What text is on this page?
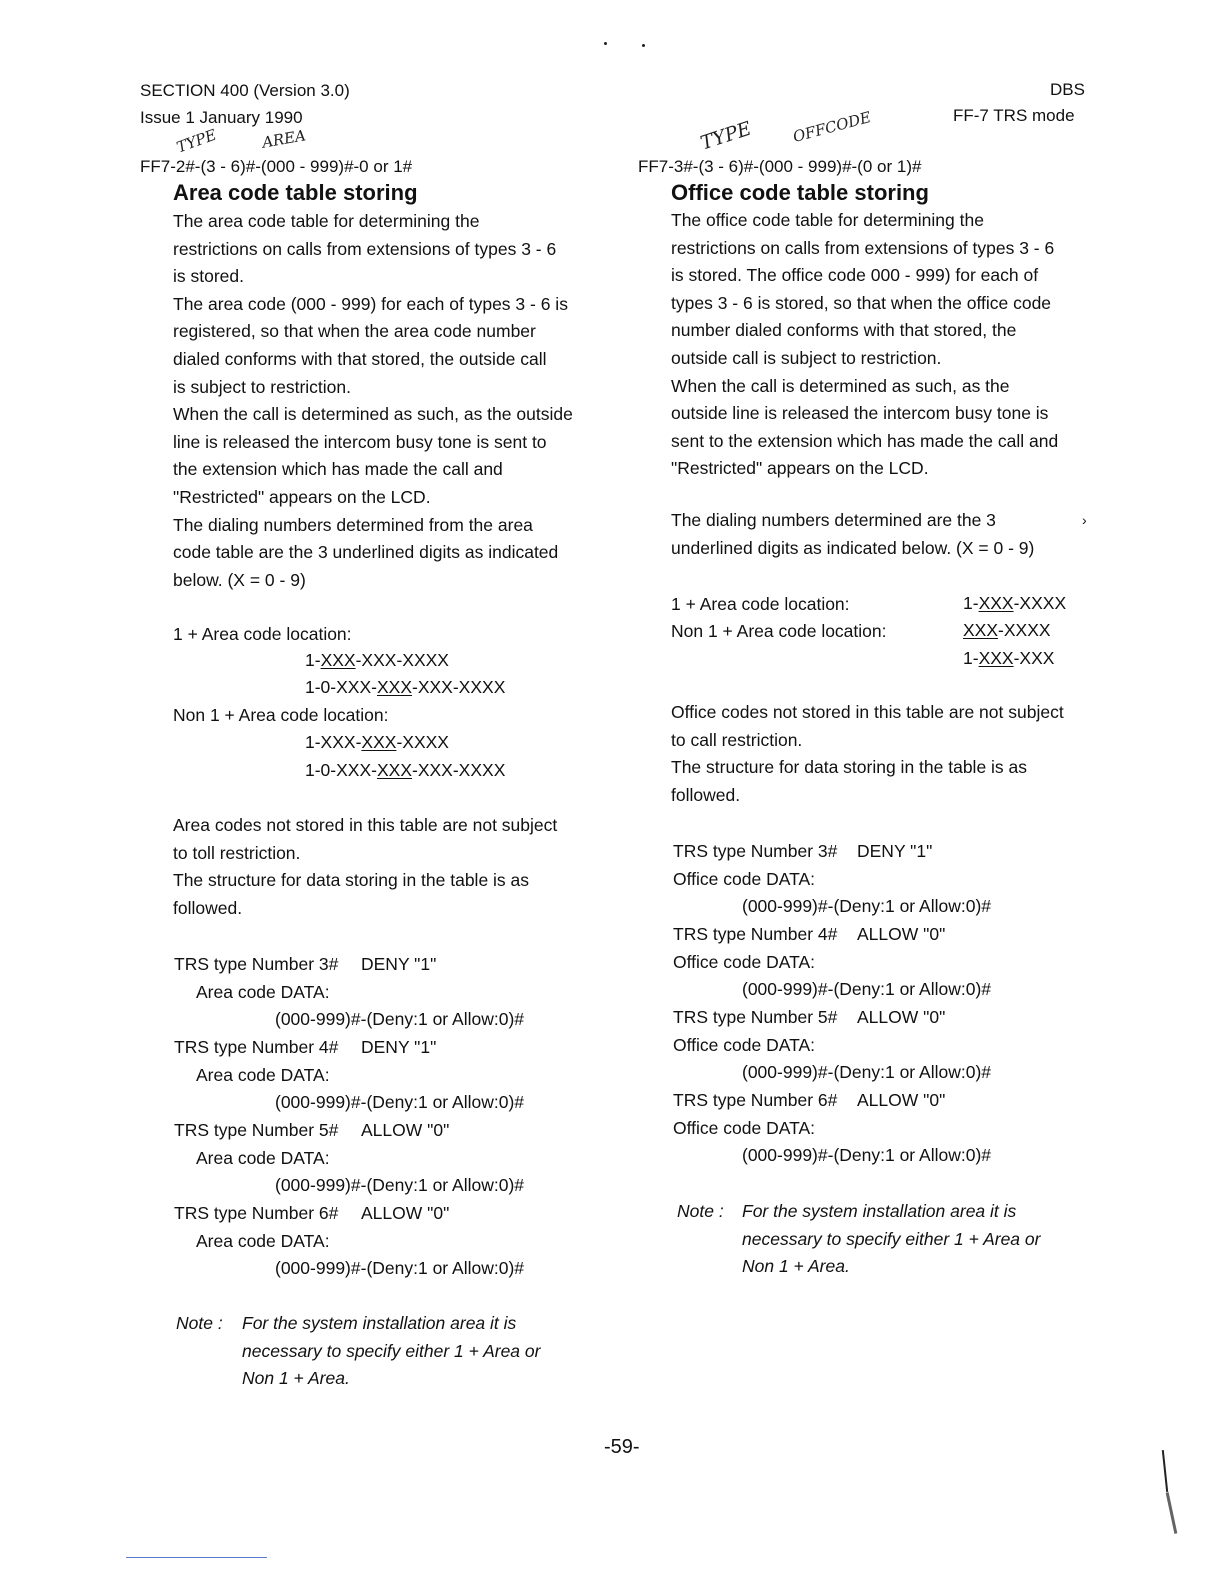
SECTION 400 (Version 3.0)
Issue 1 January 1990
DBS
FF-7 TRS mode
TYPE	AREA	TYPE OFFCODE
FF7-2#-(3 - 6)#-(000 - 999)#-0 or 1#
Area code table storing
The area code table for determining the
restrictions on calls from extensions of types 3 - 6
is stored.
The area code (000 - 999) for each of types 3 - 6 is
registered, so that when the area code number
dialed conforms with that stored, the outside call
is subject to restriction.
When the call is determined as such, as the outside
line is released the intercom busy tone is sent to
the extension which has made the call and
"Restricted" appears on the LCD.
The dialing numbers determined from the area
code table are the 3 underlined digits as indicated
below. (X = 0 - 9)
1 + Area code location:
1-XXX-XXX-XXXX
1-0-XXX-XXX-XXX-XXXX
Non 1 + Area code location:
1-XXX-XXX-XXXX
1-0-XXX-XXX-XXX-XXXX
Area codes not stored in this table are not subject
to toll restriction.
The structure for data storing in the table is as
followed.
TRS type Number 3# DENY "1"
Area code DATA:
(000-999)#-(Deny:1 or Allow:0)#
TRS type Number 4# DENY "1"
Area code DATA:
(000-999)#-(Deny:1 or Allow:0)#
TRS type Number 5# ALLOW "0"
Area code DATA:
(000-999)#-(Deny:1 or Allow:0)#
TRS type Number 6# ALLOW "0"
Area code DATA:
(000-999)#-(Deny:1 or Allow:0)#
Note : For the system installation area it is
necessary to specify either 1 + Area or
Non 1 + Area.
FF7-3#-(3 - 6)#-(000 - 999)#-(0 or 1)#
Office code table storing
The office code table for determining the
restrictions on calls from extensions of types 3 - 6
is stored. The office code 000 - 999) for each of
types 3 - 6 is stored, so that when the office code
number dialed conforms with that stored, the
outside call is subject to restriction.
When the call is determined as such, as the
outside line is released the intercom busy tone is
sent to the extension which has made the call and
"Restricted" appears on the LCD.
The dialing numbers determined are the 3
underlined digits as indicated below. (X = 0 - 9)
›
1 + Area code location:	1-XXX-XXXX
Non 1 + Area code location:	XXX-XXXX
1-XXX-XXX
Office codes not stored in this table are not subject
to call restriction.
The structure for data storing in the table is as
followed.
TRS type Number 3# DENY "1"
Office code DATA:
(000-999)#-(Deny:1 or Allow:0)#
TRS type Number 4# ALLOW "0"
Office code DATA:
(000-999)#-(Deny:1 or Allow:0)#
TRS type Number 5# ALLOW "0"
Office code DATA:
(000-999)#-(Deny:1 or Allow:0)#
TRS type Number 6# ALLOW "0"
Office code DATA:
(000-999)#-(Deny:1 or Allow:0)#
Note : For the system installation area it is
necessary to specify either 1 + Area or
Non 1 + Area.
-59-
